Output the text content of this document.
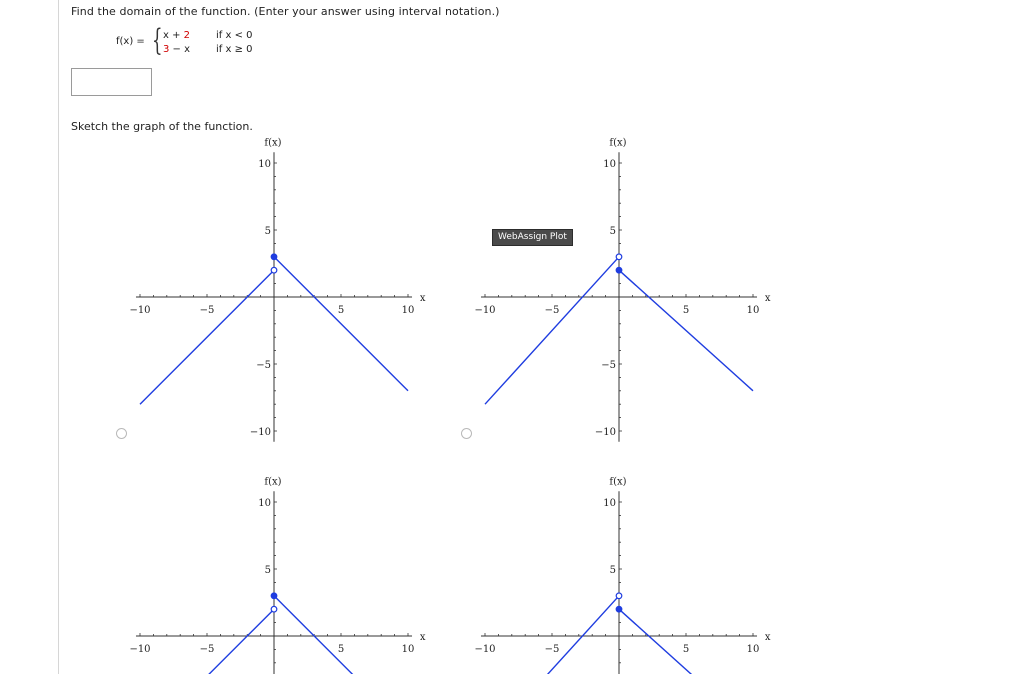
Find the domain of the function. (Enter your answer using interval notation.)
f(x) = { x + 2	if x < 0
3 − x	if x ≥ 0
Sketch the graph of the function.
−10	−5	5	10
10
5
−5
−10
x
f(x)
−10	−5	5	10
10
5
−5
−10
x
f(x)
−10	−5	5	10
10
5
x
f(x)
−10	−5	5	10
10
5
x
f(x)
WebAssign Plot
